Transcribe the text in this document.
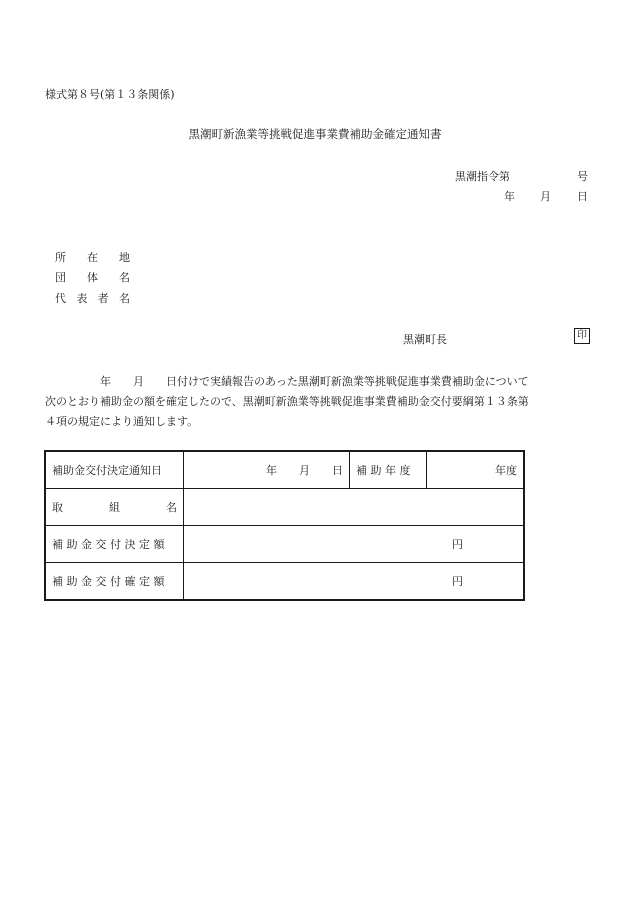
様式第８号(第１３条関係)
黒潮町新漁業等挑戦促進事業費補助金確定通知書
黒潮指令第	号
年 月 日
所 在 地
団 体 名
代 表 者 名
黒潮町長	印
　　　　　年　　月　　日付けで実績報告のあった黒潮町新漁業等挑戦促進事業費補助金について
次のとおり補助金の額を確定したので、黒潮町新漁業等挑戦促進事業費補助金交付要綱第１３条第
４項の規定により通知します。
補助金交付決定通知日	年　　月　　日	補 助 年 度	年度

取 組 名			

補 助 金 交 付 決 定 額	円		
補 助 金 交 付 確 定 額	円		
